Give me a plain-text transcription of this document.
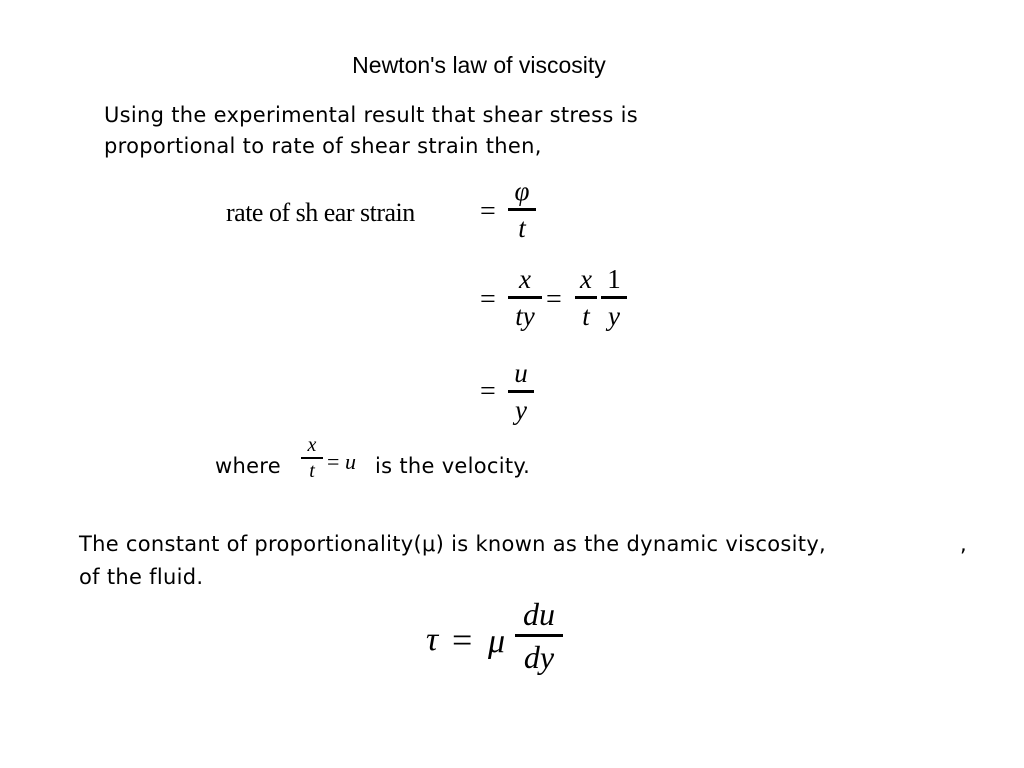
Newton's law of viscosity
Using the experimental result that shear stress is
proportional to rate of shear strain then,
rate of sh ear strain =
φ
t
=
x
ty
=
x
t
1
y
=
u
y
where
x
t = u is the velocity.
The constant of proportionality(μ) is known as the dynamic viscosity,	,
of the fluid.
τ = μ
du
dy
